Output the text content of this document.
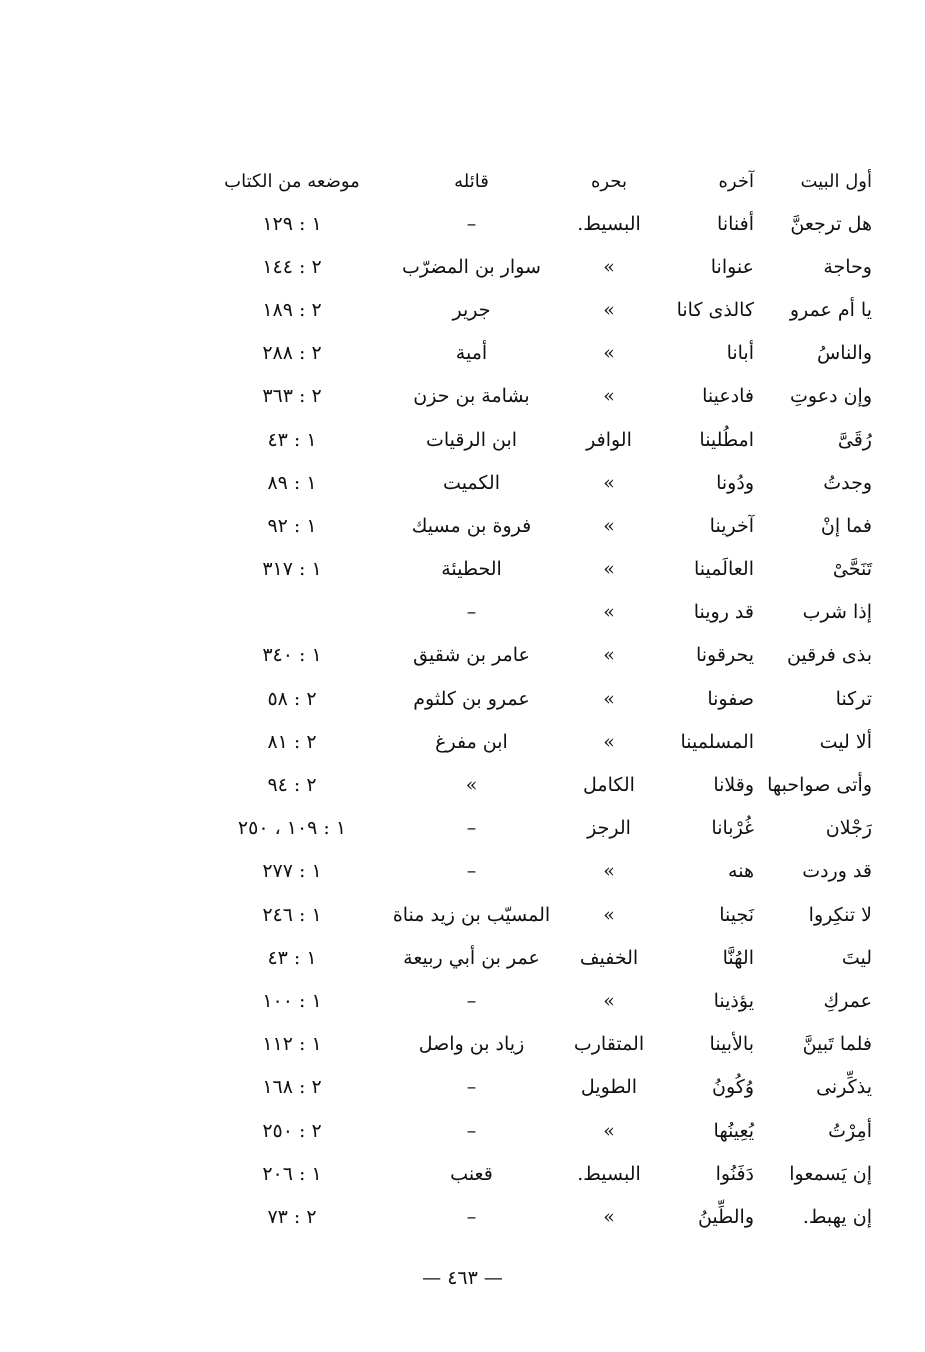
أول البيت
آخره
بحره
قائله
موضعه من الكتاب
هل ترجعنَّ
أفنانا
البسيط.
–
١ : ١٢٩
وحاجة
عنوانا
»
سوار بن المضرّب
٢ : ١٤٤
يا أم عمرو
كالذى كانا
»
جرير
٢ : ١٨٩
والناسُ
أبانا
»
أمية
٢ : ٢٨٨
وإن دعوتِ
فادعينا
»
بشامة بن حزن
٢ : ٣٦٣
رُقَىَّ
امطُلينا
الوافر
ابن الرقيات
١ : ٤٣
وجدتُ
ودُونا
»
الكميت
١ : ٨٩
فما إنْ
آخرينا
»
فروة بن مسيك
١ : ٩٢
تَنَحَّىْ
العالَمينا
»
الحطيئة
١ : ٣١٧
إذا شرب
قد روينا
»
–
بذى فرقين
يحرقونا
»
عامر بن شقيق
١ : ٣٤٠
تركنا
صفونا
»
عمرو بن كلثوم
٢ : ٥٨
ألا ليت
المسلمينا
»
ابن مفرغ
٢ : ٨١
وأتى صواحبها
وقلانا
الكامل
»
٢ : ٩٤
رَجْلان
غُرْبانا
الرجز
–
١ : ١٠٩ ، ٢٥٠
قد وردت
هنه
»
–
١ : ٢٧٧
لا تنكِروا
نَجينا
»
المسيّب بن زيد مناة
١ : ٢٤٦
ليتَ
الهُنَّا
الخفيف
عمر بن أبي ربيعة
١ : ٤٣
عمركِ
يؤذينا
»
–
١ : ١٠٠
فلما تَبينَّ
بالأبينا
المتقارب
زياد بن واصل
١ : ١١٢
يذكِّرنى
وُكُونُ
الطويل
–
٢ : ١٦٨
أمِرْتُ
يُعِينُها
»
–
٢ : ٢٥٠
إن يَسمعوا
دَفَنُوا
البسيط.
قعنب
١ : ٢٠٦
إن يهبط.
والطِّينُ
»
–
٢ : ٧٣
— ٤٦٣ —
